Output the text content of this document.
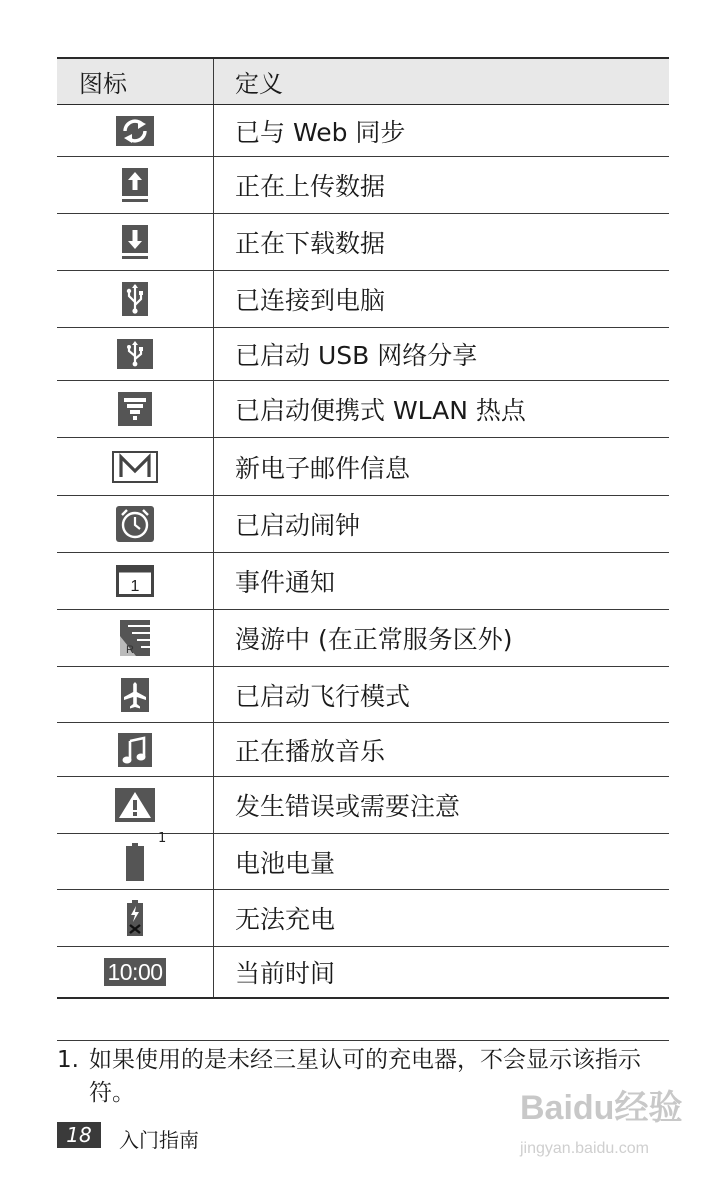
图标	定义

	已与 Web 同步

	正在上传数据

	正在下载数据

	已连接到电脑

	已启动 USB 网络分享

	已启动便携式 WLAN 热点

	新电子邮件信息

	已启动闹钟

1	事件通知

R	漫游中 (在正常服务区外)

	已启动飞行模式

	正在播放音乐

	发生错误或需要注意

1	电池电量

	无法充电
10:00	当前时间
1. 如果使用的是未经三星认可的充电器，不会显示该指示符。
18	入门指南
Baidu经验
jingyan.baidu.com
